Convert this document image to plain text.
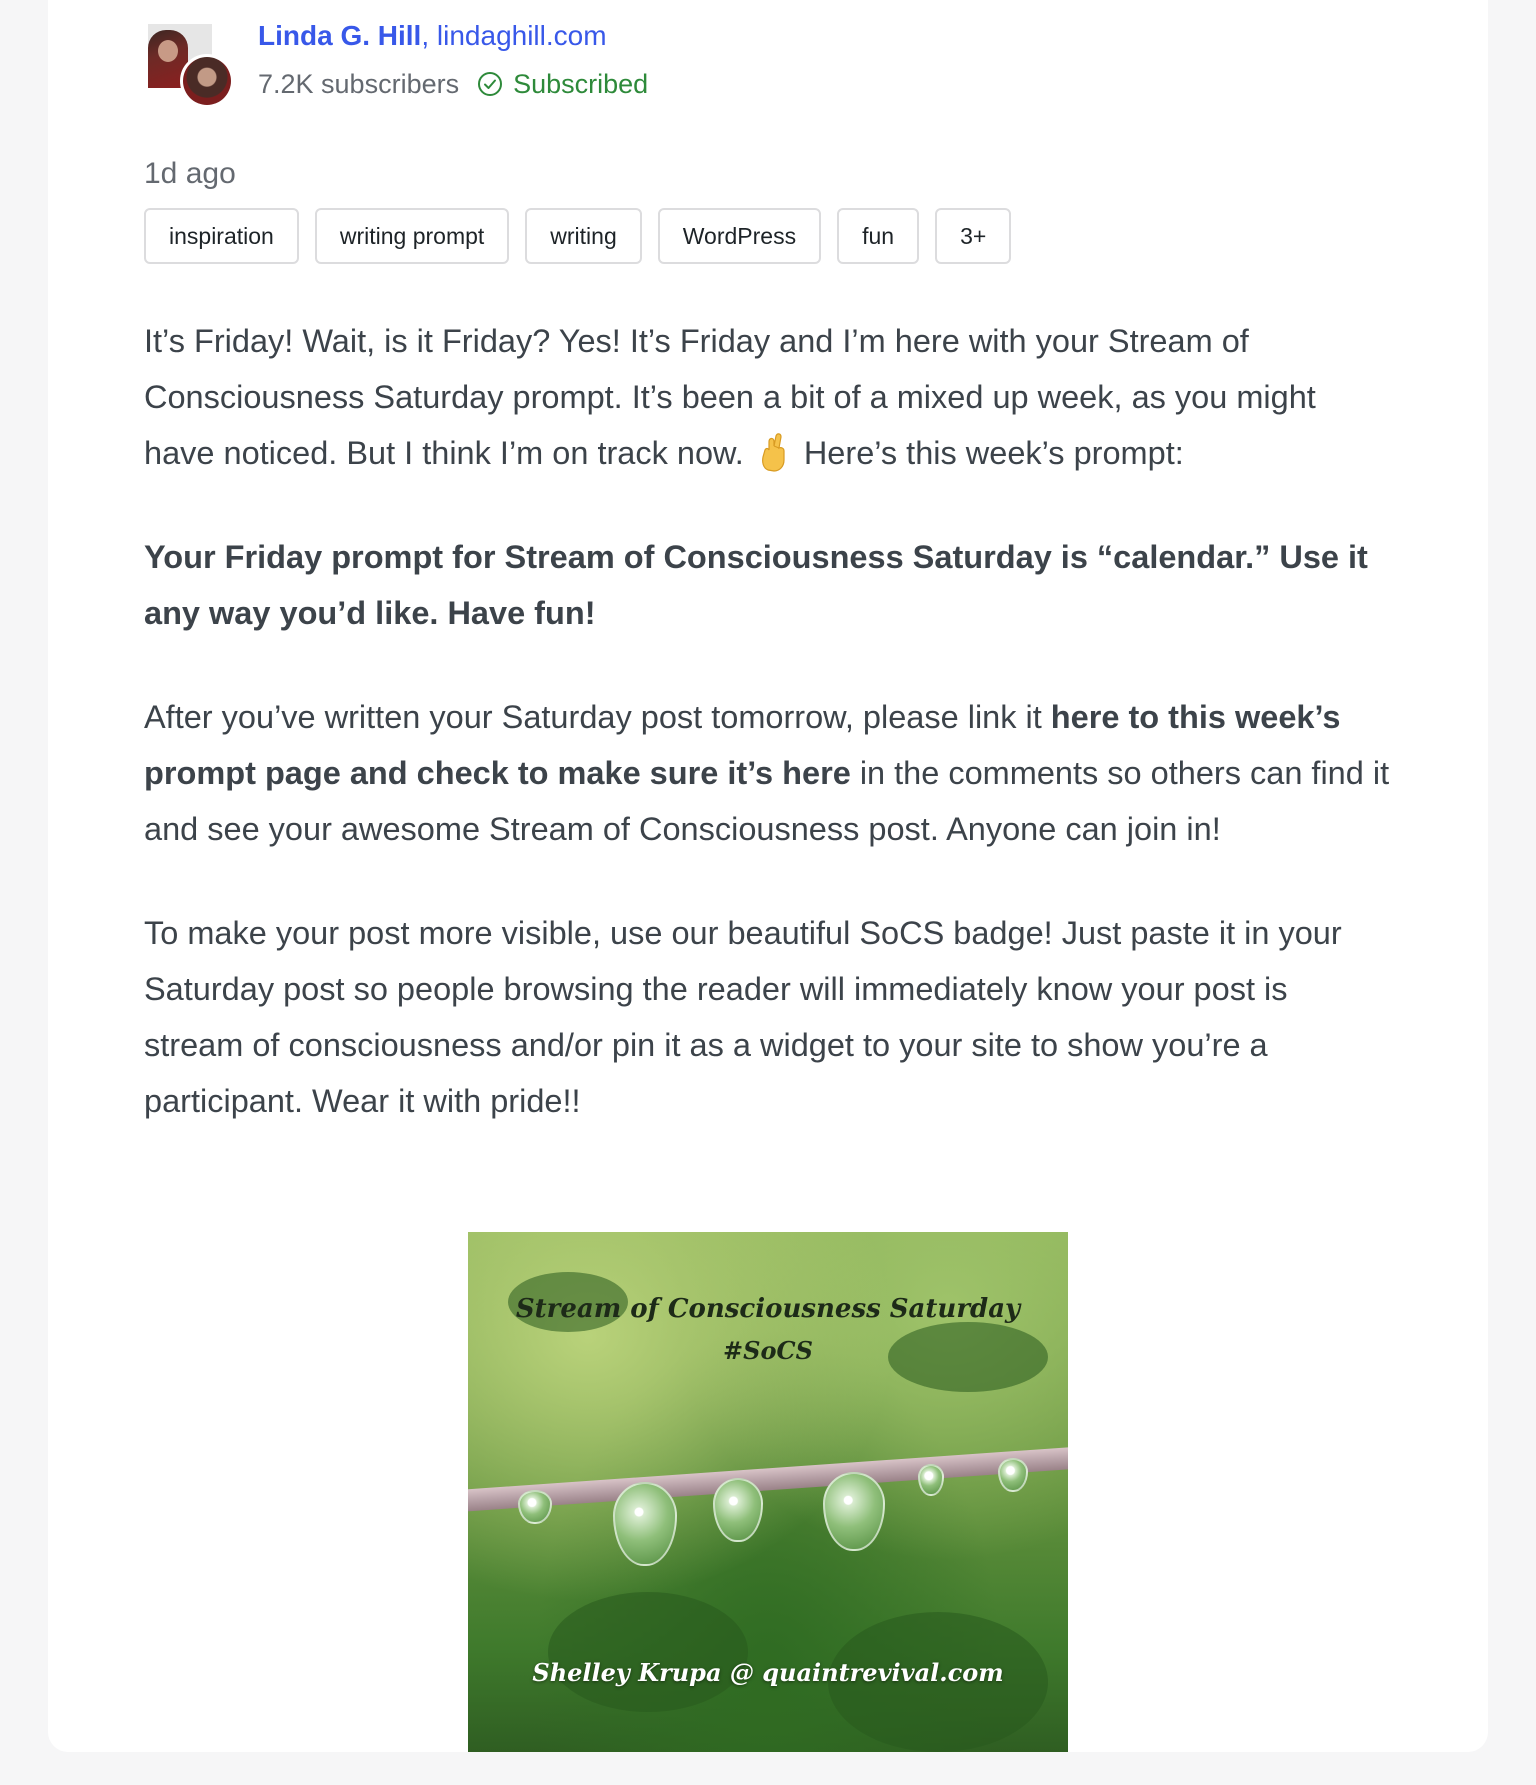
Linda G. Hill, lindaghill.com
7.2K subscribers Subscribed
1d ago
inspiration	writing prompt	writing	WordPress	fun	3+

It’s Friday! Wait, is it Friday? Yes! It’s Friday and I’m here with your Stream of Consciousness Saturday prompt. It’s been a bit of a mixed up week, as you might have noticed. But I think I’m on track now. Here’s this week’s prompt:

Your Friday prompt for Stream of Consciousness Saturday is “calendar.” Use it any way you’d like. Have fun!

After you’ve written your Saturday post tomorrow, please link it here to this week’s prompt page and check to make sure it’s here in the comments so others can find it and see your awesome Stream of Consciousness post. Anyone can join in!

To make your post more visible, use our beautiful SoCS badge! Just paste it in your Saturday post so people browsing the reader will immediately know your post is stream of consciousness and/or pin it as a widget to your site to show you’re a participant. Wear it with pride!!

Stream of Consciousness Saturday
#SoCS
Shelley Krupa @ quaintrevival.com
